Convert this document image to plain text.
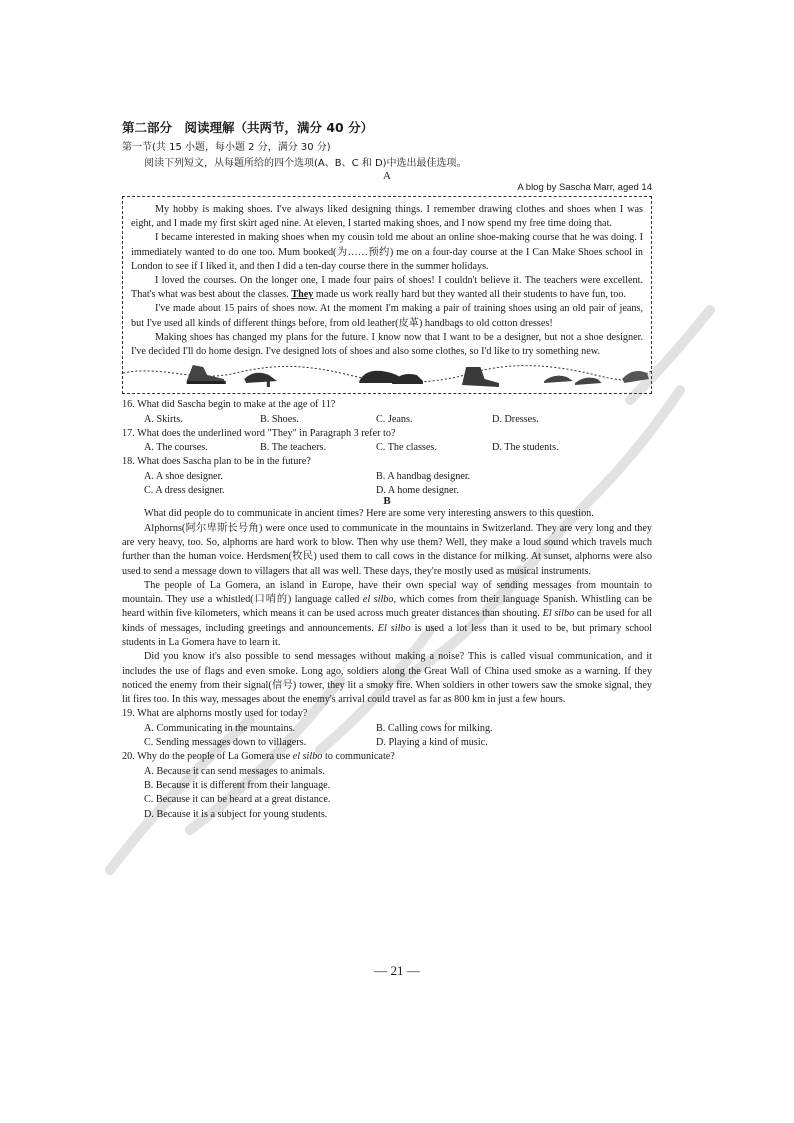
第二部分　阅读理解（共两节，满分 40 分）

第一节(共 15 小题，每小题 2 分，满分 30 分)

阅读下列短文，从每题所给的四个选项(A、B、C 和 D)中选出最佳选项。

A

A blog by Sascha Marr, aged 14

My hobby is making shoes. I've always liked designing things. I remember drawing clothes and shoes when I was eight, and I made my first skirt aged nine. At eleven, I started making shoes, and I now spend my free time doing that.

I became interested in making shoes when my cousin told me about an online shoe-making course that he was doing. I immediately wanted to do one too. Mum booked(为……预约) me on a four-day course at the I Can Make Shoes school in London to see if I liked it, and then I did a ten-day course there in the summer holidays.

I loved the courses. On the longer one, I made four pairs of shoes! I couldn't believe it. The teachers were excellent. That's what was best about the classes. They made us work really hard but they wanted all their students to have fun, too.

I've made about 15 pairs of shoes now. At the moment I'm making a pair of training shoes using an old pair of jeans, but I've used all kinds of different things before, from old leather(皮革) handbags to old cotton dresses!

Making shoes has changed my plans for the future. I know now that I want to be a designer, but not a shoe designer. I've decided I'll do home design. I've designed lots of shoes and also some clothes, so I'd like to try something new.

16. What did Sascha begin to make at the age of 11?

A. Skirts.	B. Shoes.	C. Jeans.	D. Dresses.

17. What does the underlined word "They" in Paragraph 3 refer to?

A. The courses.	B. The teachers.	C. The classes.	D. The students.

18. What does Sascha plan to be in the future?

A. A shoe designer.	B. A handbag designer.
C. A dress designer.	D. A home designer.

B

What did people do to communicate in ancient times? Here are some very interesting answers to this question.

Alphorns(阿尔卑斯长号角) were once used to communicate in the mountains in Switzerland. They are very long and they are very heavy, too. So, alphorns are hard work to blow. Then why use them? Well, they make a loud sound which travels much further than the human voice. Herdsmen(牧民) used them to call cows in the distance for milking. At sunset, alphorns were also used to send a message down to villagers that all was well. These days, they're mostly used as musical instruments.

The people of La Gomera, an island in Europe, have their own special way of sending messages from mountain to mountain. They use a whistled(口哨的) language called el silbo, which comes from their language Spanish. Whistling can be heard within five kilometers, which means it can be used across much greater distances than shouting. El silbo can be used for all kinds of messages, including greetings and announcements. El silbo is used a lot less than it used to be, but primary school students in La Gomera have to learn it.

Did you know it's also possible to send messages without making a noise? This is called visual communication, and it includes the use of flags and even smoke. Long ago, soldiers along the Great Wall of China used smoke as a warning. If they noticed the enemy from their signal(信号) tower, they lit a smoky fire. When soldiers in other towers saw the smoke signal, they lit fires too. In this way, messages about the enemy's arrival could travel as far as 800 km in just a few hours.

19. What are alphorns mostly used for today?

A. Communicating in the mountains.	B. Calling cows for milking.
C. Sending messages down to villagers.	D. Playing a kind of music.

20. Why do the people of La Gomera use el silbo to communicate?

A. Because it can send messages to animals.

B. Because it is different from their language.

C. Because it can be heard at a great distance.

D. Because it is a subject for young students.

— 21 —
